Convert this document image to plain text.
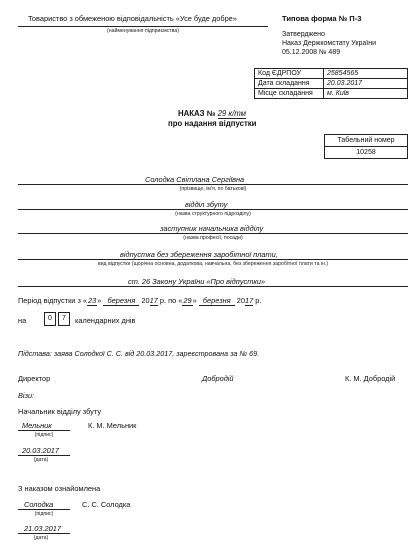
Товариство з обмеженою відповідальність «Усе буде добре»
(найменування підприємства)
Типова форма № П-3
Затверджено
Наказ Держкомстату України
05.12.2008 № 489
Код ЄДРПОУ	25854565
Дата складання	20.03.2017
Місце складання	м. Київ
НАКАЗ № 29 к/тм
про надання відпустки
Табельний номер
10258
Солодка Світлана Сергіївна
(прізвище, ім'я, по батькові)
відділ збуту
(назва структурного підрозділу)
заступник начальника відділу
(назва професії, посади)
відпустка без збереження заробітної плати,
вид відпустки (щорічна основна, додаткова, навчальна, без збереження заробітної плати та ін.)
ст. 26 Закону України «Про відпустки»
Період відпустки з «23» березня 2017 р. по «29» березня 2017 р.
на	0	7	календарних днів
Підстава: заява Солодкої С. С. від 20.03.2017, зареєстрована за № 69.
Директор	Добродій	К. М. Добродій
Візи:
Начальник відділу збуту
Мельник	К. М. Мельник
(підпис)
20.03.2017
(дата)
З наказом ознайомлена
Солодка	С. С. Солодка
(підпис)
21.03.2017
(дата)
